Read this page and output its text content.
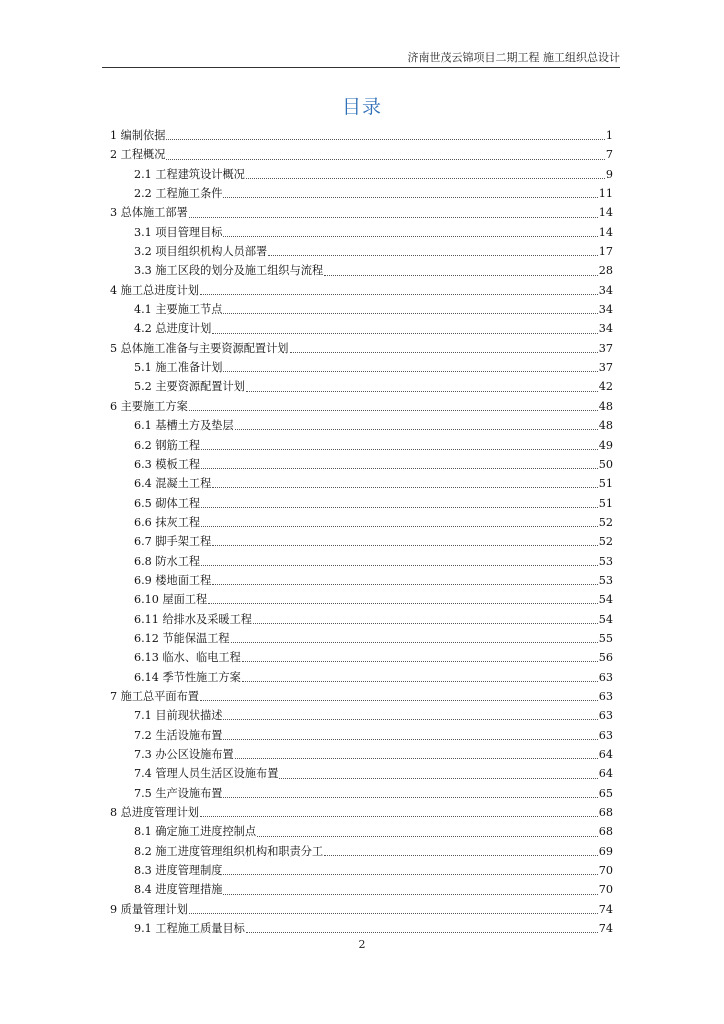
济南世茂云锦项目二期工程 施工组织总设计
目录
1 编制依据	1
2 工程概况	7
2.1 工程建筑设计概况	9
2.2 工程施工条件	11
3 总体施工部署	14
3.1 项目管理目标	14
3.2 项目组织机构人员部署	17
3.3 施工区段的划分及施工组织与流程	28
4 施工总进度计划	34
4.1 主要施工节点	34
4.2 总进度计划	34
5 总体施工准备与主要资源配置计划	37
5.1 施工准备计划	37
5.2 主要资源配置计划	42
6 主要施工方案	48
6.1 基槽土方及垫层	48
6.2 钢筋工程	49
6.3 模板工程	50
6.4 混凝土工程	51
6.5 砌体工程	51
6.6 抹灰工程	52
6.7 脚手架工程	52
6.8 防水工程	53
6.9 楼地面工程	53
6.10 屋面工程	54
6.11 给排水及采暖工程	54
6.12 节能保温工程	55
6.13 临水、临电工程	56
6.14 季节性施工方案	63
7 施工总平面布置	63
7.1 目前现状描述	63
7.2 生活设施布置	63
7.3 办公区设施布置	64
7.4 管理人员生活区设施布置	64
7.5 生产设施布置	65
8 总进度管理计划	68
8.1 确定施工进度控制点	68
8.2 施工进度管理组织机构和职责分工	69
8.3 进度管理制度	70
8.4 进度管理措施	70
9 质量管理计划	74
9.1 工程施工质量目标	74
2
